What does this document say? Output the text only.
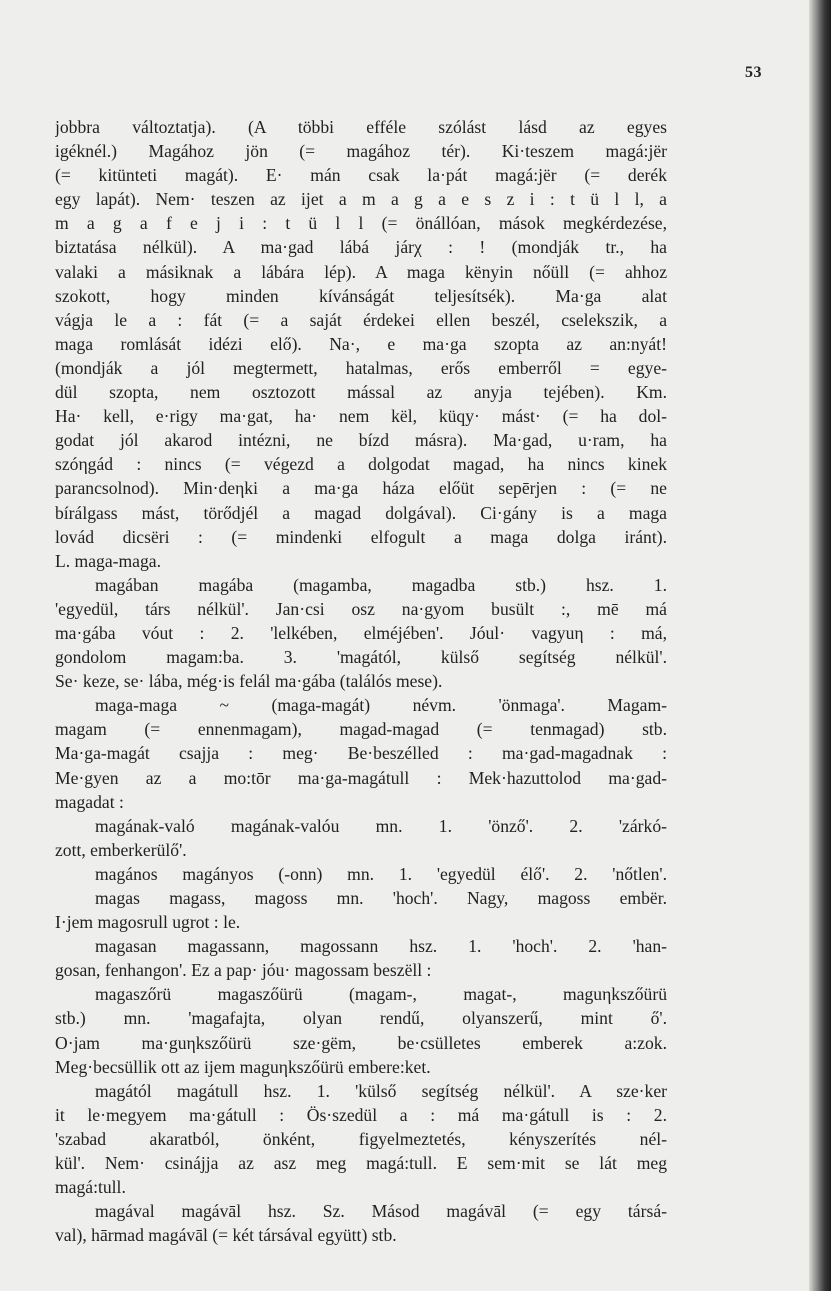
53
jobbra változtatja). (A többi efféle szólást lásd az egyes
igéknél.) Magához jön (= magához tér). Ki·teszem magá:jër
(= kitünteti magát). E· mán csak la·pát magá:jër (= derék
egy lapát). Nem· teszen az ijet a m a g a e s z i : t ü l l, a
m a g a f e j i : t ü l l (= önállóan, mások megkérdezése,
biztatása nélkül). A ma·gad lábá járχ : ! (mondják tr., ha
valaki a másiknak a lábára lép). A maga kënyin nőüll (= ahhoz
szokott, hogy minden kívánságát teljesítsék). Ma·ga alat
vágja le a : fát (= a saját érdekei ellen beszél, cselekszik, a
maga romlását idézi elő). Na·, e ma·ga szopta az an:nyát!
(mondják a jól megtermett, hatalmas, erős emberről = egye-
dül szopta, nem osztozott mással az anyja tejében). Km.
Ha· kell, e·rigy ma·gat, ha· nem kël, küqy· mást· (= ha dol-
godat jól akarod intézni, ne bízd másra). Ma·gad, u·ram, ha
szóηgád : nincs (= végezd a dolgodat magad, ha nincs kinek
parancsolnod). Min·deηki a ma·ga háza előüt sepērjen : (= ne
bírálgass mást, törődjél a magad dolgával). Ci·gány is a maga
lovád dicsëri : (= mindenki elfogult a maga dolga iránt).
L. maga-maga.
magában magába (magamba, magadba stb.) hsz. 1.
'egyedül, társ nélkül'. Jan·csi osz na·gyom busült :, mē má
ma·gába vóut : 2. 'lelkében, elméjében'. Jóul· vagyuη : má,
gondolom magam:ba. 3. 'magától, külső segítség nélkül'.
Se· keze, se· lába, még·is felál ma·gába (találós mese).
maga-maga ~ (maga-magát) névm. 'önmaga'. Magam-
magam (= ennenmagam), magad-magad (= tenmagad) stb.
Ma·ga-magát csajja : meg· Be·beszélled : ma·gad-magadnak :
Me·gyen az a mo:tōr ma·ga-magátull : Mek·hazuttolod ma·gad-
magadat :
magának-való magának-valóu mn. 1. 'önző'. 2. 'zárkó-
zott, emberkerülő'.
magános magányos (-onn) mn. 1. 'egyedül élő'. 2. 'nőtlen'.
magas magass, magoss mn. 'hoch'. Nagy, magoss embër.
I·jem magosrull ugrot : le.
magasan magassann, magossann hsz. 1. 'hoch'. 2. 'han-
gosan, fenhangon'. Ez a pap· jóu· magossam beszëll :
magaszőrü magaszőürü (magam-, magat-, maguηkszőürü
stb.) mn. 'magafajta, olyan rendű, olyanszerű, mint ő'.
O·jam ma·guηkszőürü sze·gëm, be·csülletes emberek a:zok.
Meg·becsüllik ott az ijem maguηkszőürü embere:ket.
magától magátull hsz. 1. 'külső segítség nélkül'. A sze·ker
it le·megyem ma·gátull : Ös·szedül a : má ma·gátull is : 2.
'szabad akaratból, önként, figyelmeztetés, kényszerítés nél-
kül'. Nem· csinájja az asz meg magá:tull. E sem·mit se lát meg
magá:tull.
magával magávāl hsz. Sz. Másod magávāl (= egy társá-
val), hārmad magávāl (= két társával együtt) stb.
